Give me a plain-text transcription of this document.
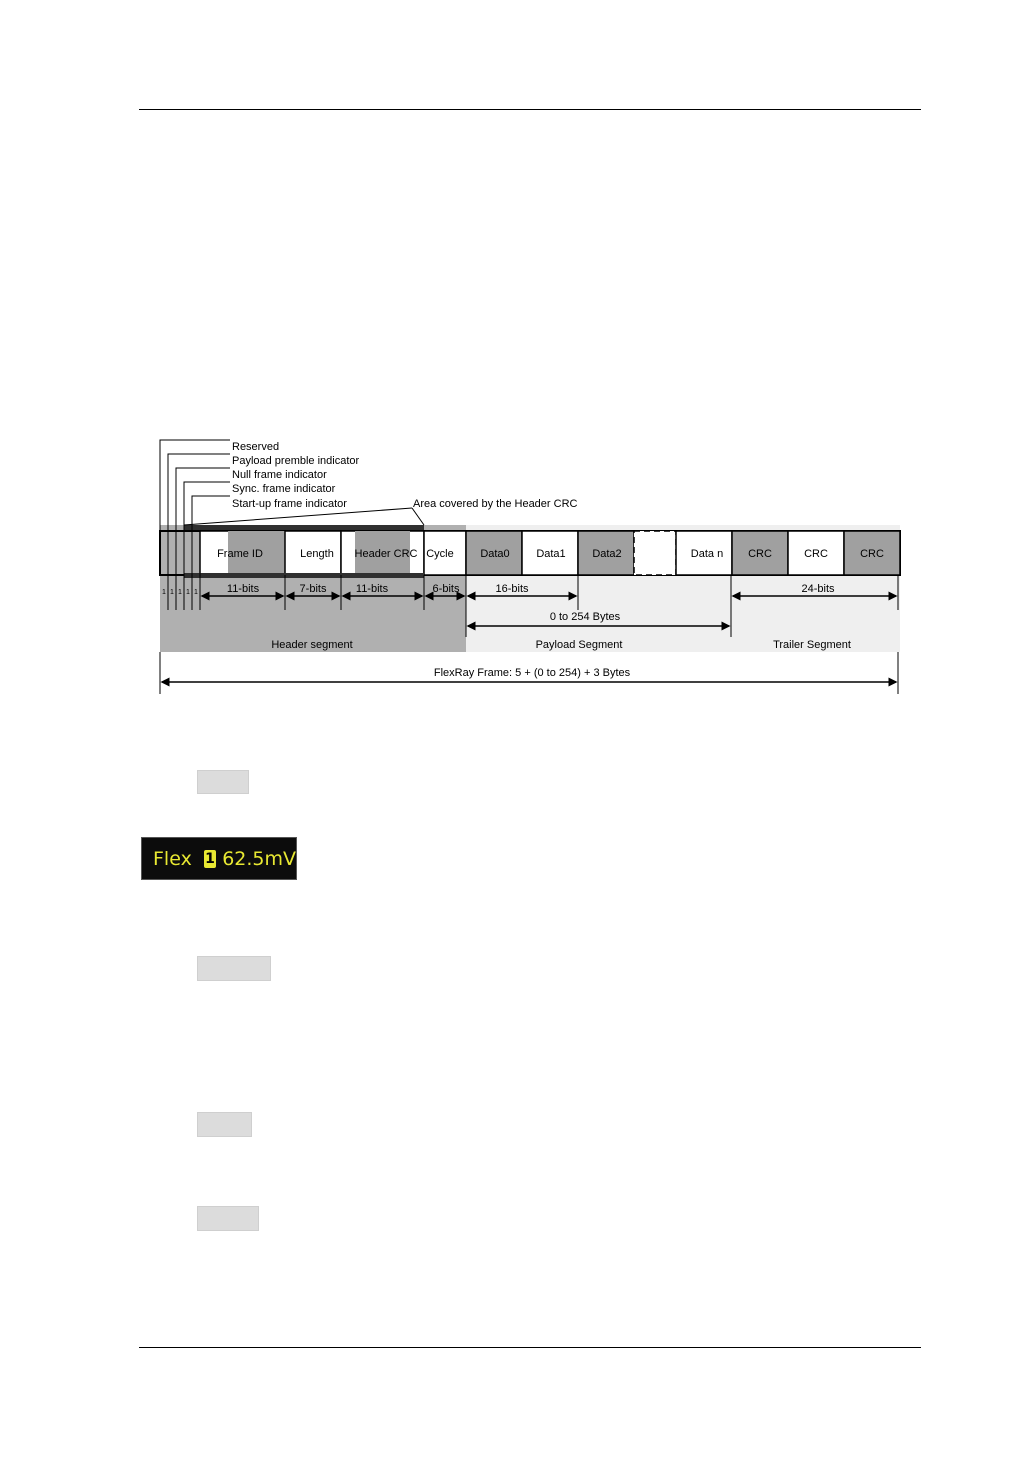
Reserved
Payload premble indicator
Null frame indicator
Sync. frame indicator
Start-up frame indicator	Area covered by the Header CRC
Frame ID	Length Header CRC Cycle Data0 Data1 Data2	Data n CRC	CRC	CRC
1 1 1 1 1	11-bits	7-bits	11-bits	6-bits	16-bits	24-bits
0 to 254 Bytes
Header segment	Payload Segment	Trailer Segment
FlexRay Frame: 5 + (0 to 254) + 3 Bytes
Flex 1 62.5mV
